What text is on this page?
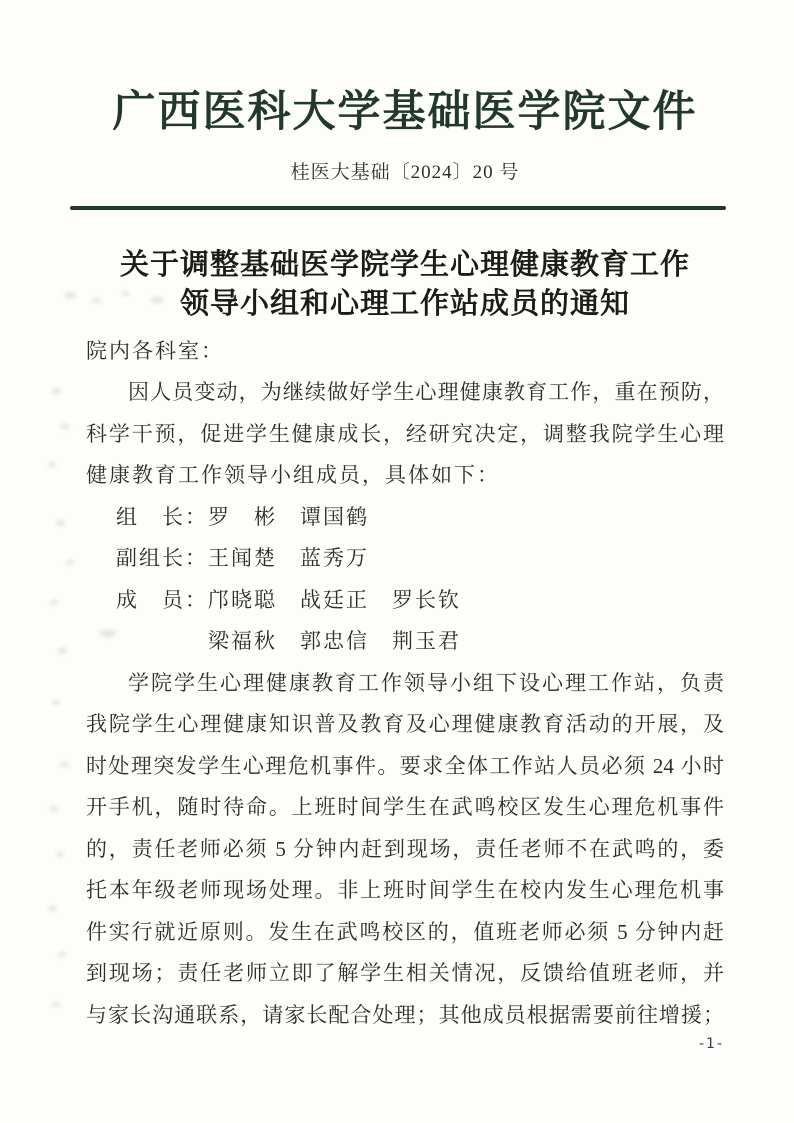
广西医科大学基础医学院文件
桂医大基础〔2024〕20 号
关于调整基础医学院学生心理健康教育工作
领导小组和心理工作站成员的通知
院内各科室：
因人员变动，为继续做好学生心理健康教育工作，重在预防，
科学干预，促进学生健康成长，经研究决定，调整我院学生心理
健康教育工作领导小组成员，具体如下：
组　长：罗　彬　谭国鹤
副组长：王闻楚　蓝秀万
成　员：邝晓聪　战廷正　罗长钦
　　　　梁福秋　郭忠信　荆玉君
学院学生心理健康教育工作领导小组下设心理工作站，负责
我院学生心理健康知识普及教育及心理健康教育活动的开展，及
时处理突发学生心理危机事件。要求全体工作站人员必须 24 小时
开手机，随时待命。上班时间学生在武鸣校区发生心理危机事件
的，责任老师必须 5 分钟内赶到现场，责任老师不在武鸣的，委
托本年级老师现场处理。非上班时间学生在校内发生心理危机事
件实行就近原则。发生在武鸣校区的，值班老师必须 5 分钟内赶
到现场；责任老师立即了解学生相关情况，反馈给值班老师，并
与家长沟通联系，请家长配合处理；其他成员根据需要前往增援；
-1-
